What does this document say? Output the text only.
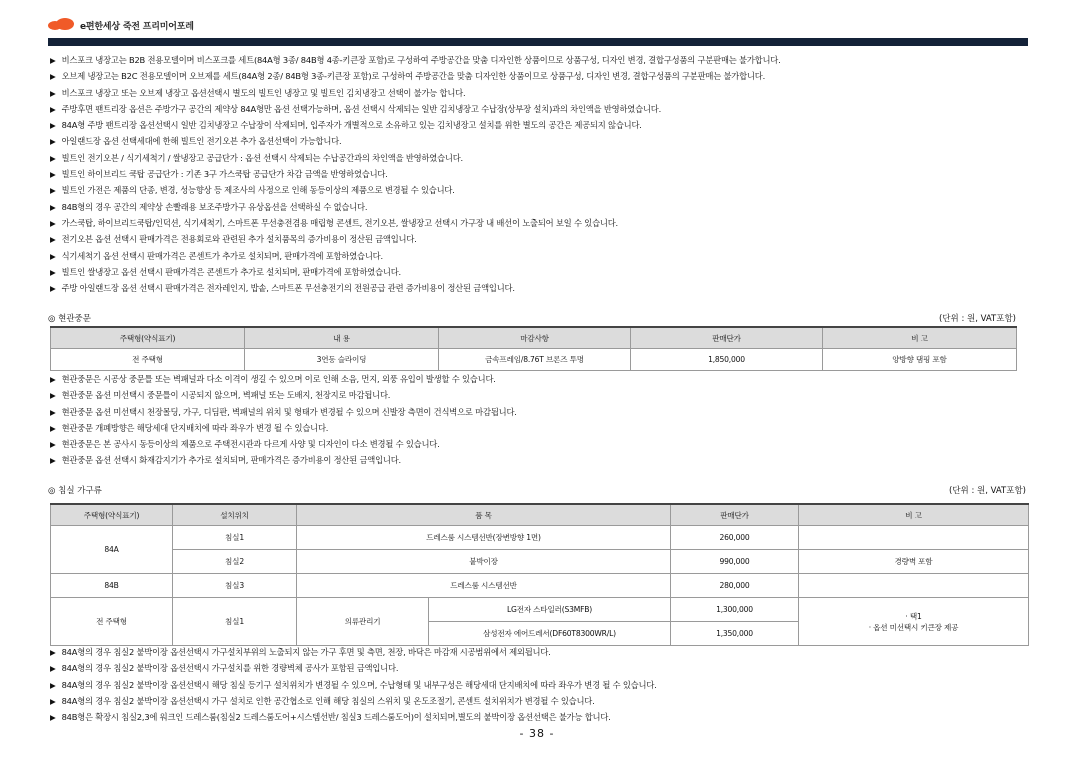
e편한세상 죽전 프리미어포레
▶ 비스포크 냉장고는 B2B 전용모델이며 비스포크를 세트(84A형 3종/ 84B형 4종-키큰장 포함)로 구성하여 주방공간을 맞춤 디자인한 상품이므로 상품구성, 디자인 변경, 결합구성품의 구분판매는 불가합니다.
▶ 오브제 냉장고는 B2C 전용모델이며 오브제를 세트(84A형 2종/ 84B형 3종-키큰장 포함)로 구성하여 주방공간을 맞춤 디자인한 상품이므로 상품구성, 디자인 변경, 결합구성품의 구분판매는 불가합니다.
▶ 비스포크 냉장고 또는 오브제 냉장고 옵션선택시 별도의 빌트인 냉장고 및 빌트인 김치냉장고 선택이 불가능 합니다.
▶ 주방후면 팬트리장 옵션은 주방가구 공간의 제약상 84A형만 옵션 선택가능하며, 옵션 선택시 삭제되는 일반 김치냉장고 수납장(상부장 설치)과의 차인액을 반영하였습니다.
▶ 84A형 주방 팬트리장 옵션선택시 일반 김치냉장고 수납장이 삭제되며, 입주자가 개별적으로 소유하고 있는 김치냉장고 설치를 위한 별도의 공간은 제공되지 않습니다.
▶ 아일랜드장 옵션 선택세대에 한해 빌트인 전기오븐 추가 옵션선택이 가능합니다.
▶ 빌트인 전기오븐 / 식기세척기 / 쌀냉장고 공급단가 : 옵션 선택시 삭제되는 수납공간과의 차인액을 반영하였습니다.
▶ 빌트인 하이브리드 쿡탑 공급단가 : 기존 3구 가스쿡탑 공급단가 차감 금액을 반영하였습니다.
▶ 빌트인 가전은 제품의 단종, 변경, 성능향상 등 제조사의 사정으로 인해 동등이상의 제품으로 변경될 수 있습니다.
▶ 84B형의 경우 공간의 제약상 손빨래용 보조주방가구 유상옵션을 선택하실 수 없습니다.
▶ 가스쿡탑, 하이브리드쿡탑/인덕션, 식기세척기, 스마트폰 무선충전겸용 매립형 콘센트, 전기오븐, 쌀냉장고 선택시 가구장 내 배선이 노출되어 보일 수 있습니다.
▶ 전기오븐 옵션 선택시 판매가격은 전용회로와 관련된 추가 설치품목의 증가비용이 정산된 금액입니다.
▶ 식기세척기 옵션 선택시 판매가격은 콘센트가 추가로 설치되며, 판매가격에 포함하였습니다.
▶ 빌트인 쌀냉장고 옵션 선택시 판매가격은 콘센트가 추가로 설치되며, 판매가격에 포함하였습니다.
▶ 주방 아일랜드장 옵션 선택시 판매가격은 전자레인지, 밥솥, 스마트폰 무선충전기의 전원공급 관련 증가비용이 정산된 금액입니다.
◎ 현관중문	(단위 : 원, VAT포함)
주택형(약식표기)	내 용	마감사항	판매단가	비 고
전 주택형	3연동 슬라이딩	금속프레임/8.76T 브론즈 투명	1,850,000	양방향 댐핑 포함
▶ 현관중문은 시공상 중문틀 또는 벽패널과 다소 이격이 생길 수 있으며 이로 인해 소음, 먼지, 외풍 유입이 발생할 수 있습니다.
▶ 현관중문 옵션 미선택시 중문틀이 시공되지 않으며, 벽패널 또는 도배지, 천장지로 마감됩니다.
▶ 현관중문 옵션 미선택시 천장몰딩, 가구, 디딤판, 벽패널의 위치 및 형태가 변경될 수 있으며 신발장 측면이 건식벽으로 마감됩니다.
▶ 현관중문 개폐방향은 해당세대 단지배치에 따라 좌우가 변경 될 수 있습니다.
▶ 현관중문은 본 공사시 동등이상의 제품으로 주택전시관과 다르게 사양 및 디자인이 다소 변경될 수 있습니다.
▶ 현관중문 옵션 선택시 화재감지기가 추가로 설치되며, 판매가격은 증가비용이 정산된 금액입니다.
◎ 침실 가구류	(단위 : 원, VAT포함)
주택형(약식표기)	설치위치	품 목		판매단가	비 고
84A	침실1	드레스룸 시스템선반(장변방향 1면)		260,000	
	침실2	붙박이장		990,000	경량벽 포함
84B	침실3	드레스룸 시스템선반		280,000	
전 주택형	침실1	의류관리기	LG전자 스타일러(S3MFB)	1,300,000	· 택1
· 옵션 미선택시 키큰장 제공

			삼성전자 에어드레서(DF60T8300WR/L)	1,350,000	
▶ 84A형의 경우 침실2 붙박이장 옵션선택시 가구설치부위의 노출되지 않는 가구 후면 및 측면, 천장, 바닥은 마감재 시공범위에서 제외됩니다.
▶ 84A형의 경우 침실2 붙박이장 옵션선택시 가구설치를 위한 경량벽체 공사가 포함된 금액입니다.
▶ 84A형의 경우 침실2 붙박이장 옵션선택시 해당 침실 등기구 설치위치가 변경될 수 있으며, 수납형태 및 내부구성은 해당세대 단지배치에 따라 좌우가 변경 될 수 있습니다.
▶ 84A형의 경우 침실2 붙박이장 옵션선택시 가구 설치로 인한 공간협소로 인해 해당 침실의 스위치 및 온도조절기, 콘센트 설치위치가 변경될 수 있습니다.
▶ 84B형은 확장시 침실2,3에 워크인 드레스룸(침실2 드레스룸도어+시스템선반/ 침실3 드레스룸도어)이 설치되며,별도의 붙박이장 옵션선택은 불가능 합니다.
- 38 -
